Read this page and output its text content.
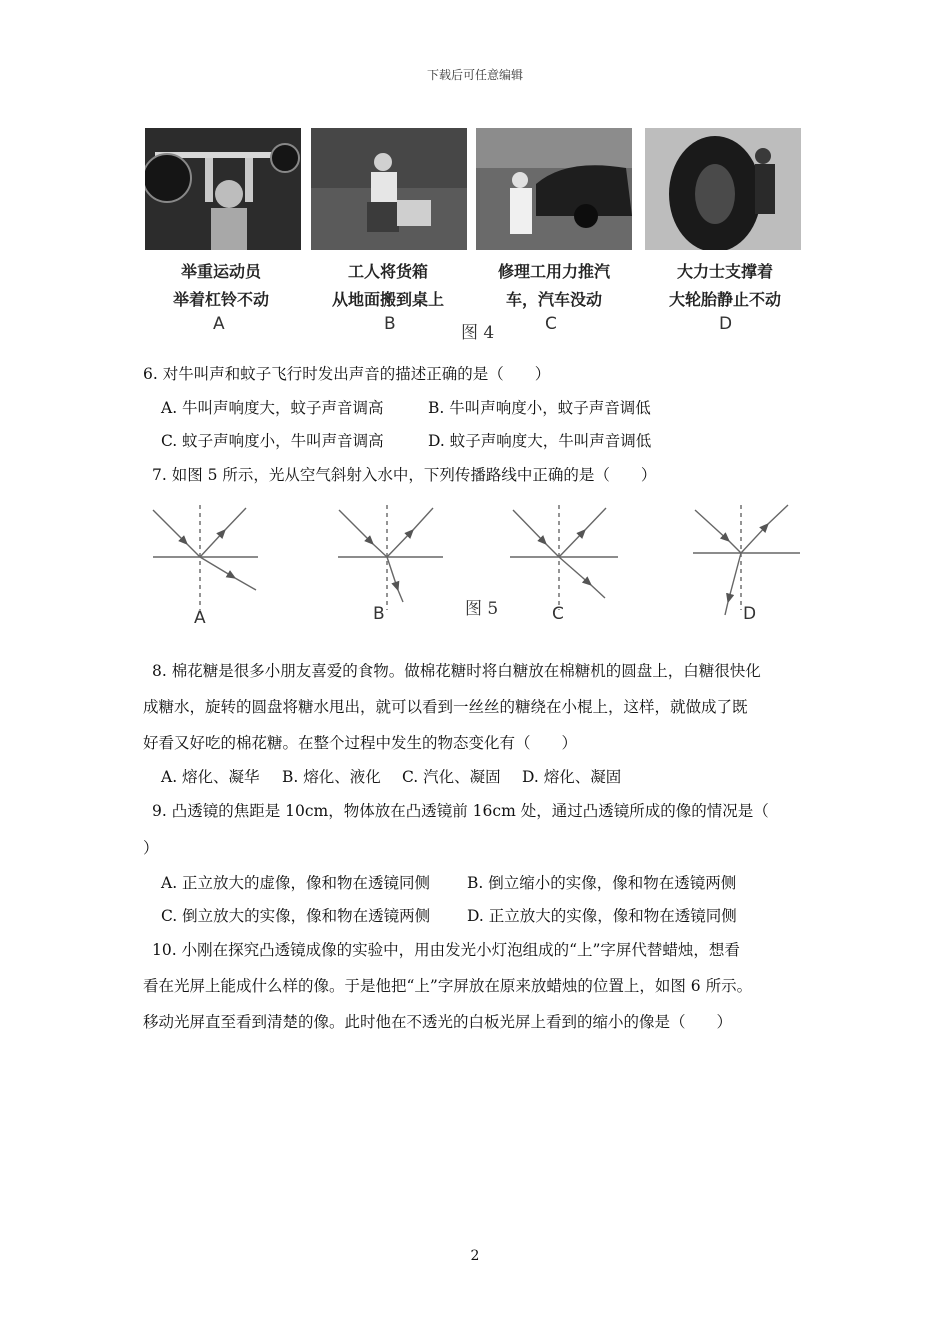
下载后可任意编辑
举重运动员
举着杠铃不动
工人将货箱
从地面搬到桌上
修理工用力推汽
车，汽车没动
大力士支撑着
大轮胎静止不动
A	B	图 4	C	D
6. 对牛叫声和蚊子飞行时发出声音的描述正确的是（　　）
A. 牛叫声响度大，蚊子声音调高	B. 牛叫声响度小，蚊子声音调低
C. 蚊子声响度小，牛叫声音调高	D. 蚊子声响度大，牛叫声音调低
7. 如图 5 所示，光从空气斜射入水中，下列传播路线中正确的是（　　）
A	B	图 5	C	D
8. 棉花糖是很多小朋友喜爱的食物。做棉花糖时将白糖放在棉糖机的圆盘上，白糖很快化
成糖水，旋转的圆盘将糖水甩出，就可以看到一丝丝的糖绕在小棍上，这样，就做成了既
好看又好吃的棉花糖。在整个过程中发生的物态变化有（　　）
A. 熔化、凝华 B. 熔化、液化 C. 汽化、凝固 D. 熔化、凝固
9. 凸透镜的焦距是 10cm，物体放在凸透镜前 16cm 处，通过凸透镜所成的像的情况是（
）
A. 正立放大的虚像，像和物在透镜同侧 B. 倒立缩小的实像，像和物在透镜两侧
C. 倒立放大的实像，像和物在透镜两侧 D. 正立放大的实像，像和物在透镜同侧
10. 小刚在探究凸透镜成像的实验中，用由发光小灯泡组成的“上”字屏代替蜡烛，想看
看在光屏上能成什么样的像。于是他把“上”字屏放在原来放蜡烛的位置上，如图 6 所示。
移动光屏直至看到清楚的像。此时他在不透光的白板光屏上看到的缩小的像是（　　）
2
